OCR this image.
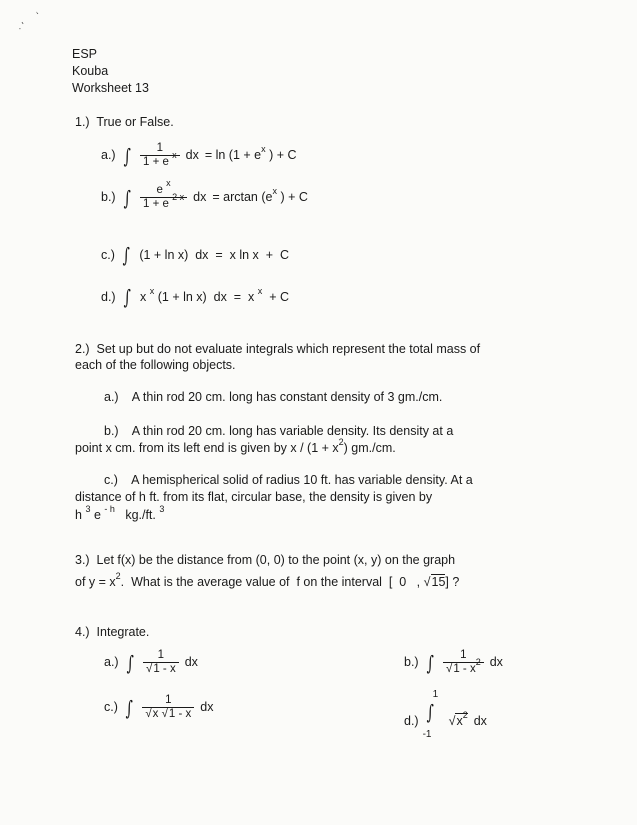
· '
‘
ESP
Kouba
Worksheet 13
1.) True or False.
a.) ∫ $\frac{1}{1 + e ^x}$ dx = $\ln (1 + e^x$ ) + C
b.) ∫ $\frac{e ^x}{1 + e ^{2 x}}$ dx = $\arctan (e^x$ ) + C
c.) ∫ (1 + ln x)  dx  =  x ln x  +  C
d.) ∫ x $^x$ (1 + ln x)  dx  =  x $^x$ + C
2.) Set up but do not evaluate integrals which represent the total mass of
each of the following objects.
a.) A thin rod 20 cm. long has constant density of 3 gm./cm.
b.) A thin rod 20 cm. long has variable density. Its density at a
point x cm. from its left end is given by $x / (1 + x^2)$ gm./cm.
c.) A hemispherical solid of radius 10 ft. has variable density. At a
distance of h ft. from its flat, circular base, the density is given by
h $^3$ e $^{- h}$ kg./ft. $^3$
3.) Let f(x) be the distance from (0, 0) to the point (x, y) on the graph
of $y = x^2$.  What is the average value of  f on the interval  [  0   , √15] ?
4.) Integrate.
a.) ∫ $\frac{1}{√1 - x}$ dx	b.) ∫ $\frac{1}{√1 - x^2}$ dx
c.) ∫ $\frac{1}{√x √1 - x}$ dx
d.)
1
∫
-1
$√x^2$ dx
